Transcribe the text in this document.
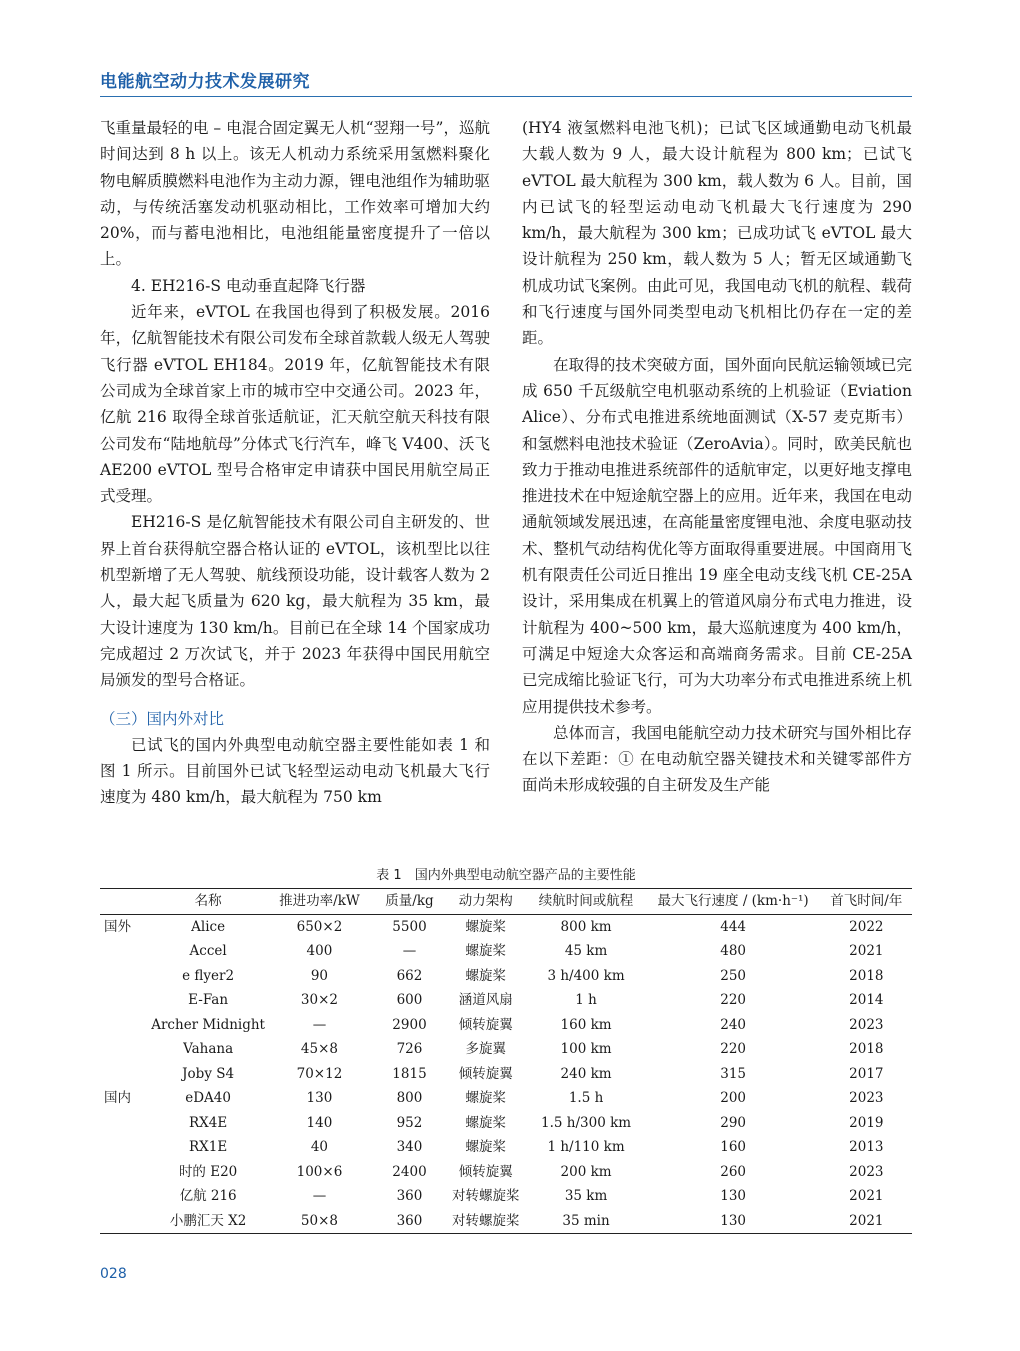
电能航空动力技术发展研究

飞重量最轻的电 – 电混合固定翼无人机“翌翔一号”，巡航时间达到 8 h 以上。该无人机动力系统采用氢燃料聚化物电解质膜燃料电池作为主动力源，锂电池组作为辅助驱动，与传统活塞发动机驱动相比，工作效率可增加大约 20%，而与蓄电池相比，电池组能量密度提升了一倍以上。

4. EH216-S 电动垂直起降飞行器

近年来，eVTOL 在我国也得到了积极发展。2016 年，亿航智能技术有限公司发布全球首款载人级无人驾驶飞行器 eVTOL EH184。2019 年，亿航智能技术有限公司成为全球首家上市的城市空中交通公司。2023 年，亿航 216 取得全球首张适航证，汇天航空航天科技有限公司发布“陆地航母”分体式飞行汽车，峰飞 V400、沃飞 AE200 eVTOL 型号合格审定申请获中国民用航空局正式受理。

EH216-S 是亿航智能技术有限公司自主研发的、世界上首台获得航空器合格认证的 eVTOL，该机型比以往机型新增了无人驾驶、航线预设功能，设计载客人数为 2 人，最大起飞质量为 620 kg，最大航程为 35 km，最大设计速度为 130 km/h。目前已在全球 14 个国家成功完成超过 2 万次试飞，并于 2023 年获得中国民用航空局颁发的型号合格证。

（三）国内外对比

已试飞的国内外典型电动航空器主要性能如表 1 和图 1 所示。目前国外已试飞轻型运动电动飞机最大飞行速度为 480 km/h，最大航程为 750 km

(HY4 液氢燃料电池飞机)；已试飞区域通勤电动飞机最大载人数为 9 人，最大设计航程为 800 km；已试飞 eVTOL 最大航程为 300 km，载人数为 6 人。目前，国内已试飞的轻型运动电动飞机最大飞行速度为 290 km/h，最大航程为 300 km；已成功试飞 eVTOL 最大设计航程为 250 km，载人数为 5 人；暂无区域通勤飞机成功试飞案例。由此可见，我国电动飞机的航程、载荷和飞行速度与国外同类型电动飞机相比仍存在一定的差距。

在取得的技术突破方面，国外面向民航运输领域已完成 650 千瓦级航空电机驱动系统的上机验证（Eviation Alice）、分布式电推进系统地面测试（X-57 麦克斯韦）和氢燃料电池技术验证（ZeroAvia）。同时，欧美民航也致力于推动电推进系统部件的适航审定，以更好地支撑电推进技术在中短途航空器上的应用。近年来，我国在电动通航领域发展迅速，在高能量密度锂电池、余度电驱动技术、整机气动结构优化等方面取得重要进展。中国商用飞机有限责任公司近日推出 19 座全电动支线飞机 CE-25A 设计，采用集成在机翼上的管道风扇分布式电力推进，设计航程为 400~500 km，最大巡航速度为 400 km/h，可满足中短途大众客运和高端商务需求。目前 CE-25A 已完成缩比验证飞行，可为大功率分布式电推进系统上机应用提供技术参考。

总体而言，我国电能航空动力技术研究与国外相比存在以下差距：① 在电动航空器关键技术和关键零部件方面尚未形成较强的自主研发及生产能

表 1　国内外典型电动航空器产品的主要性能
	名称	推进功率/kW	质量/kg	动力架构	续航时间或航程	最大飞行速度 / (km·h⁻¹)	首飞时间/年
国外	Alice	650×2	5500	螺旋桨	800 km	444	2022
	Accel	400	—	螺旋桨	45 km	480	2021
	e flyer2	90	662	螺旋桨	3 h/400 km	250	2018
	E-Fan	30×2	600	涵道风扇	1 h	220	2014
	Archer Midnight	—	2900	倾转旋翼	160 km	240	2023
	Vahana	45×8	726	多旋翼	100 km	220	2018
	Joby S4	70×12	1815	倾转旋翼	240 km	315	2017
国内	eDA40	130	800	螺旋桨	1.5 h	200	2023
	RX4E	140	952	螺旋桨	1.5 h/300 km	290	2019
	RX1E	40	340	螺旋桨	1 h/110 km	160	2013
	时的 E20	100×6	2400	倾转旋翼	200 km	260	2023
	亿航 216	—	360	对转螺旋桨	35 km	130	2021
	小鹏汇天 X2	50×8	360	对转螺旋桨	35 min	130	2021
028
